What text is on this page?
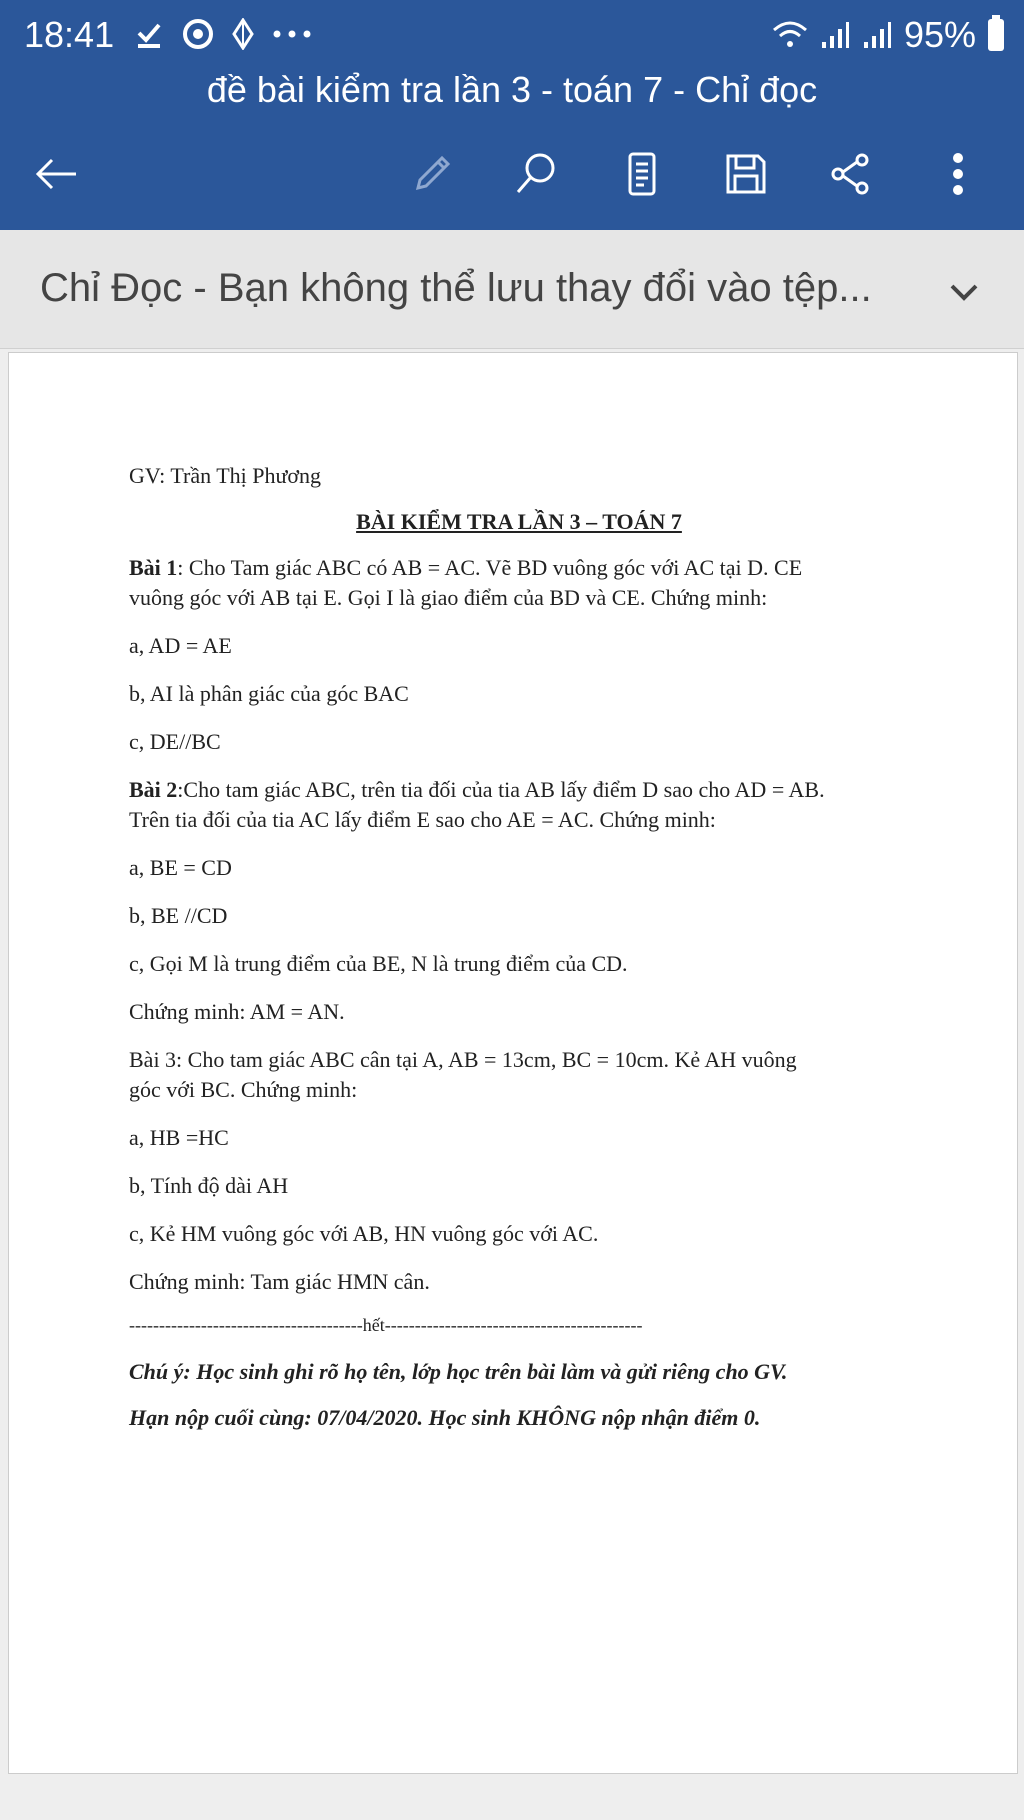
18:41	95%
đề bài kiểm tra lần 3 - toán 7 - Chỉ đọc
Chỉ Đọc - Bạn không thể lưu thay đổi vào tệp...

GV: Trần Thị Phương

BÀI KIỂM TRA LẦN 3 – TOÁN 7

Bài 1: Cho Tam giác ABC có AB = AC. Vẽ BD vuông góc với AC tại D. CE

vuông góc với AB tại E. Gọi I là giao điểm của BD và CE. Chứng minh:

a, AD = AE

b, AI là phân giác của góc BAC

c, DE//BC

Bài 2:Cho tam giác ABC, trên tia đối của tia AB lấy điểm D sao cho AD = AB.

Trên tia đối của tia AC lấy điểm E sao cho AE = AC. Chứng minh:

a, BE = CD

b, BE //CD

c, Gọi M là trung điểm của BE, N là trung điểm của CD.

Chứng minh: AM = AN.

Bài 3: Cho tam giác ABC cân tại A, AB = 13cm, BC = 10cm. Kẻ AH vuông

góc với BC. Chứng minh:

a, HB =HC

b, Tính độ dài AH

c, Kẻ HM vuông góc với AB, HN vuông góc với AC.

Chứng minh: Tam giác HMN cân.

---------------------------------------hết-------------------------------------------

Chú ý: Học sinh ghi rõ họ tên, lớp học trên bài làm và gửi riêng cho GV.

Hạn nộp cuối cùng: 07/04/2020. Học sinh KHÔNG nộp nhận điểm 0.
